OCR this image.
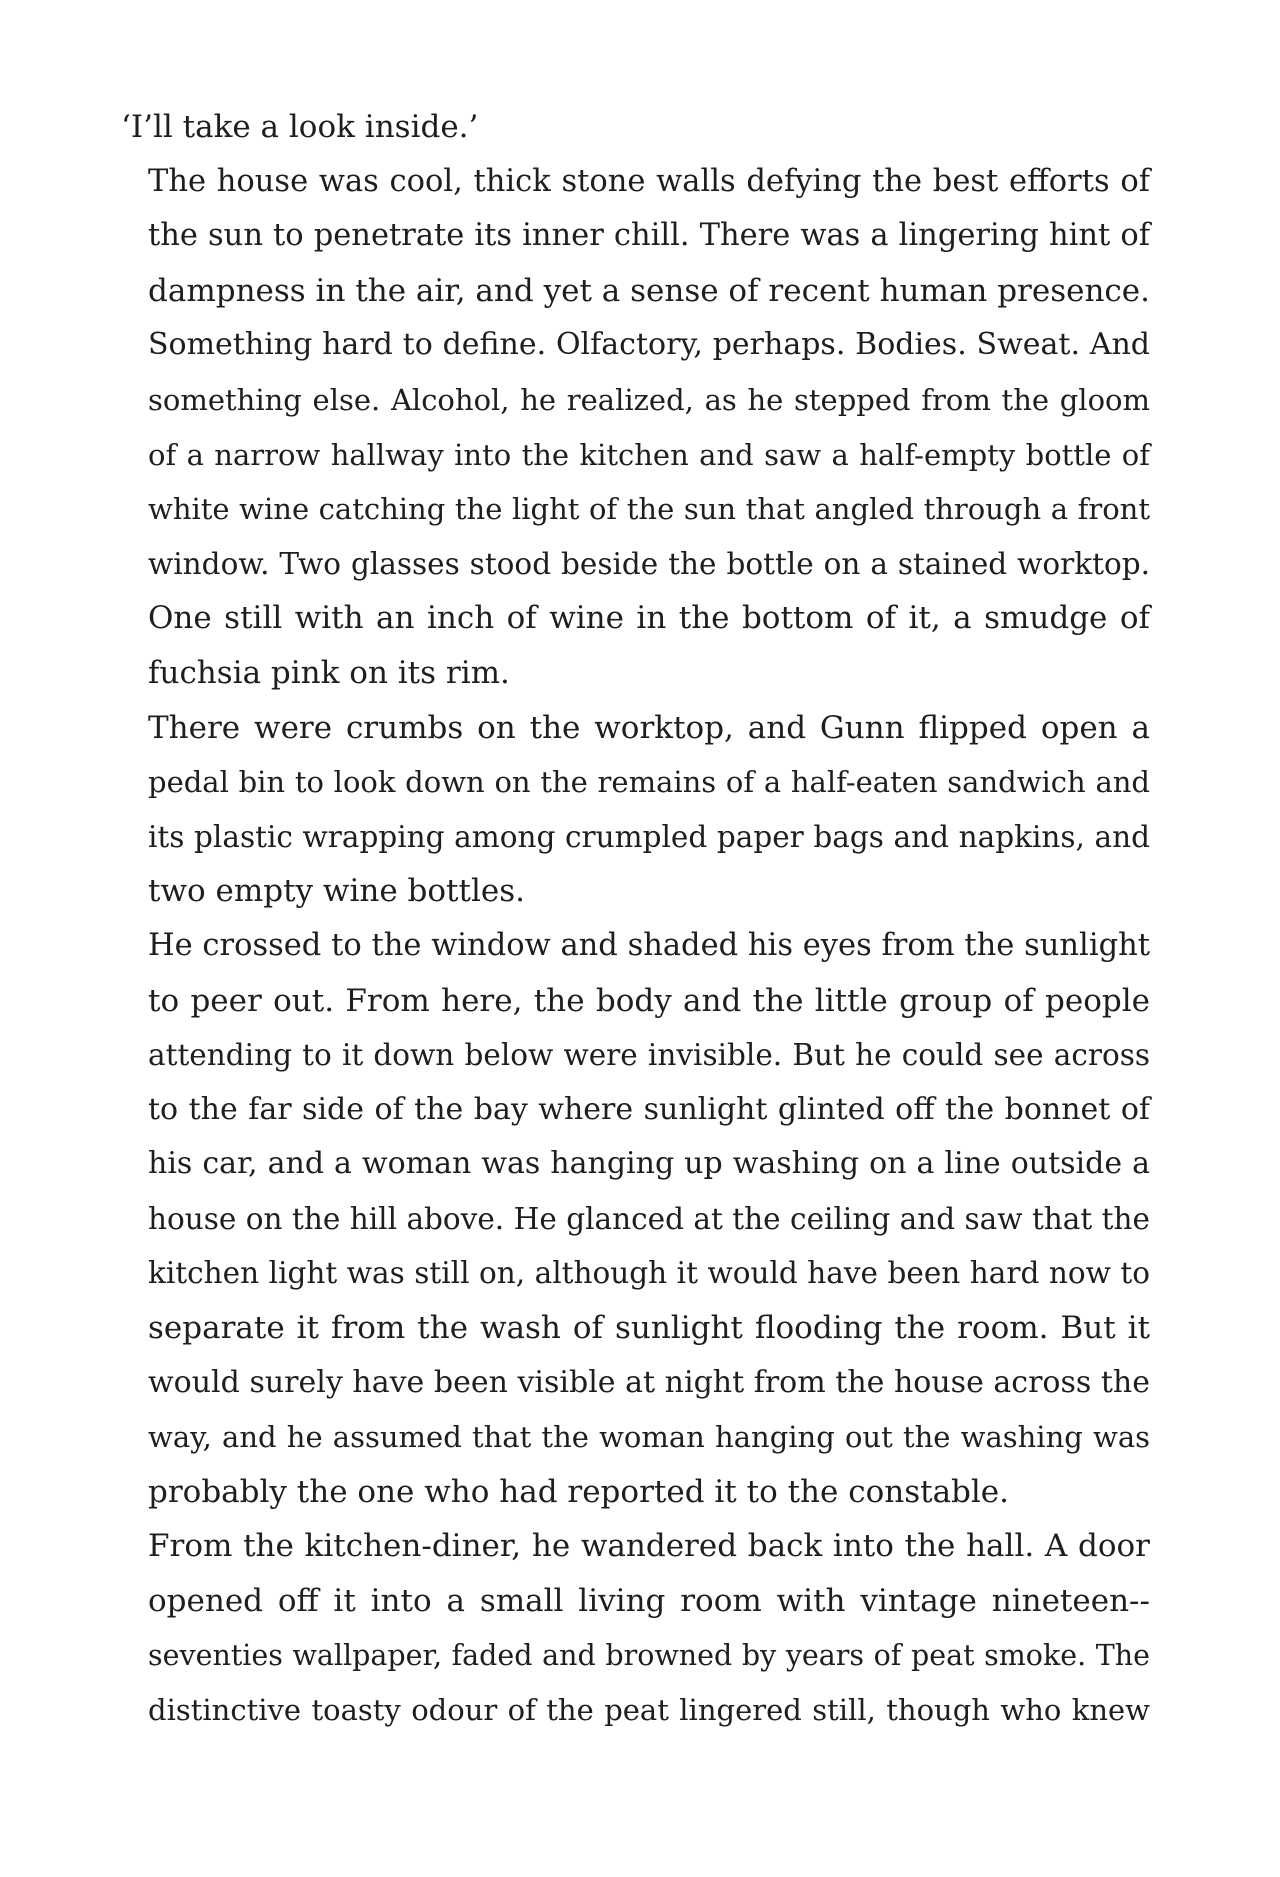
‘I’ll take a look inside.’

The house was cool, thick stone walls defying the best efforts of
the sun to penetrate its inner chill. There was a lingering hint of
dampness in the air, and yet a sense of recent human presence.
Something hard to define. Olfactory, perhaps. Bodies. Sweat. And
something else. Alcohol, he realized, as he stepped from the gloom
of a narrow hallway into the kitchen and saw a half-empty bottle of
white wine catching the light of the sun that angled through a front
window. Two glasses stood beside the bottle on a stained worktop.
One still with an inch of wine in the bottom of it, a smudge of
fuchsia pink on its rim.

There were crumbs on the worktop, and Gunn flipped open a
pedal bin to look down on the remains of a half-eaten sandwich and
its plastic wrapping among crumpled paper bags and napkins, and
two empty wine bottles.

He crossed to the window and shaded his eyes from the sunlight
to peer out. From here, the body and the little group of people
attending to it down below were invisible. But he could see across
to the far side of the bay where sunlight glinted off the bonnet of
his car, and a woman was hanging up washing on a line outside a
house on the hill above. He glanced at the ceiling and saw that the
kitchen light was still on, although it would have been hard now to
separate it from the wash of sunlight flooding the room. But it
would surely have been visible at night from the house across the
way, and he assumed that the woman hanging out the washing was
probably the one who had reported it to the constable.

From the kitchen-diner, he wandered back into the hall. A door
opened off it into a small living room with vintage nineteen--
seventies wallpaper, faded and browned by years of peat smoke. The
distinctive toasty odour of the peat lingered still, though who knew
